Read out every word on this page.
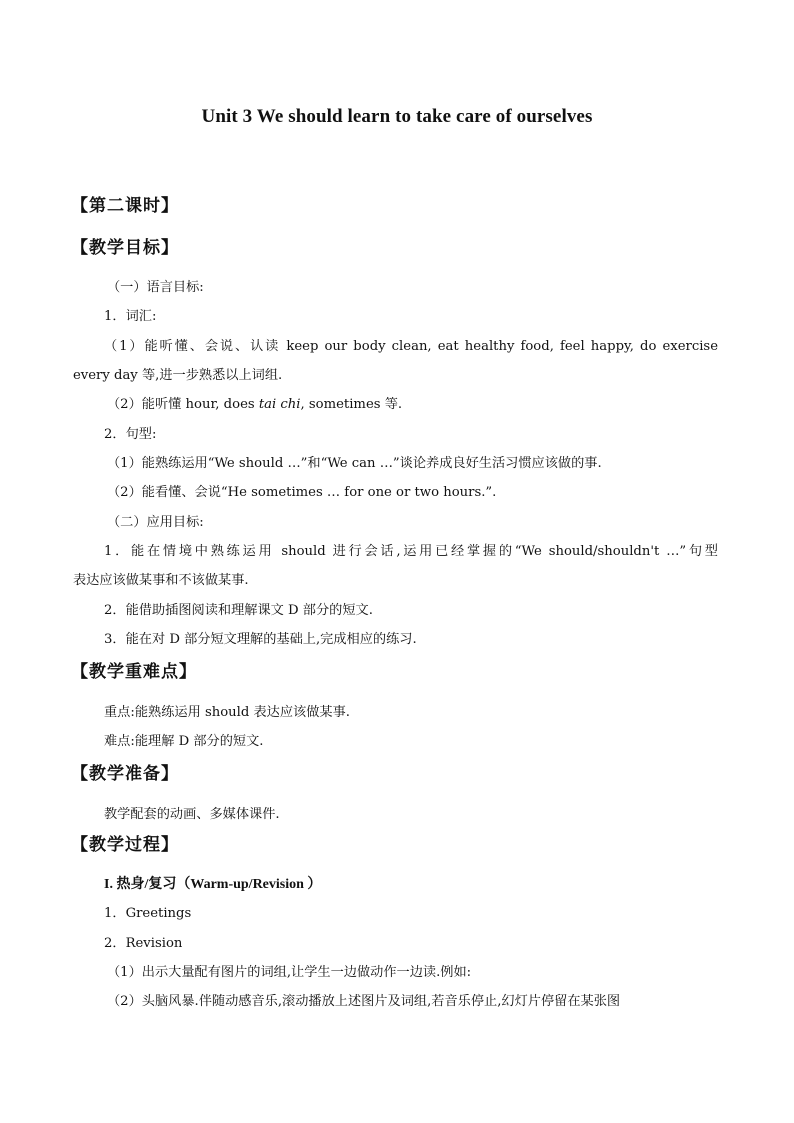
Unit 3 We should learn to take care of ourselves
【第二课时】
【教学目标】
（一）语言目标:
1．词汇:
（1）能听懂、会说、认读 keep our body clean, eat healthy food, feel happy, do exercise
every day 等,进一步熟悉以上词组.
（2）能听懂 hour, does tai chi, sometimes 等.
2．句型:
（1）能熟练运用“We should …”和“We can …”谈论养成良好生活习惯应该做的事.
（2）能看懂、会说“He sometimes … for one or two hours.”.
（二）应用目标:
1．能在情境中熟练运用 should 进行会话,运用已经掌握的“We should/shouldn't …”句型
表达应该做某事和不该做某事.
2．能借助插图阅读和理解课文 D 部分的短文.
3．能在对 D 部分短文理解的基础上,完成相应的练习.
【教学重难点】
重点:能熟练运用 should 表达应该做某事.
难点:能理解 D 部分的短文.
【教学准备】
教学配套的动画、多媒体课件.
【教学过程】
I. 热身/复习（Warm-up/Revision ）
1．Greetings
2．Revision
（1）出示大量配有图片的词组,让学生一边做动作一边读.例如:
（2）头脑风暴.伴随动感音乐,滚动播放上述图片及词组,若音乐停止,幻灯片停留在某张图
